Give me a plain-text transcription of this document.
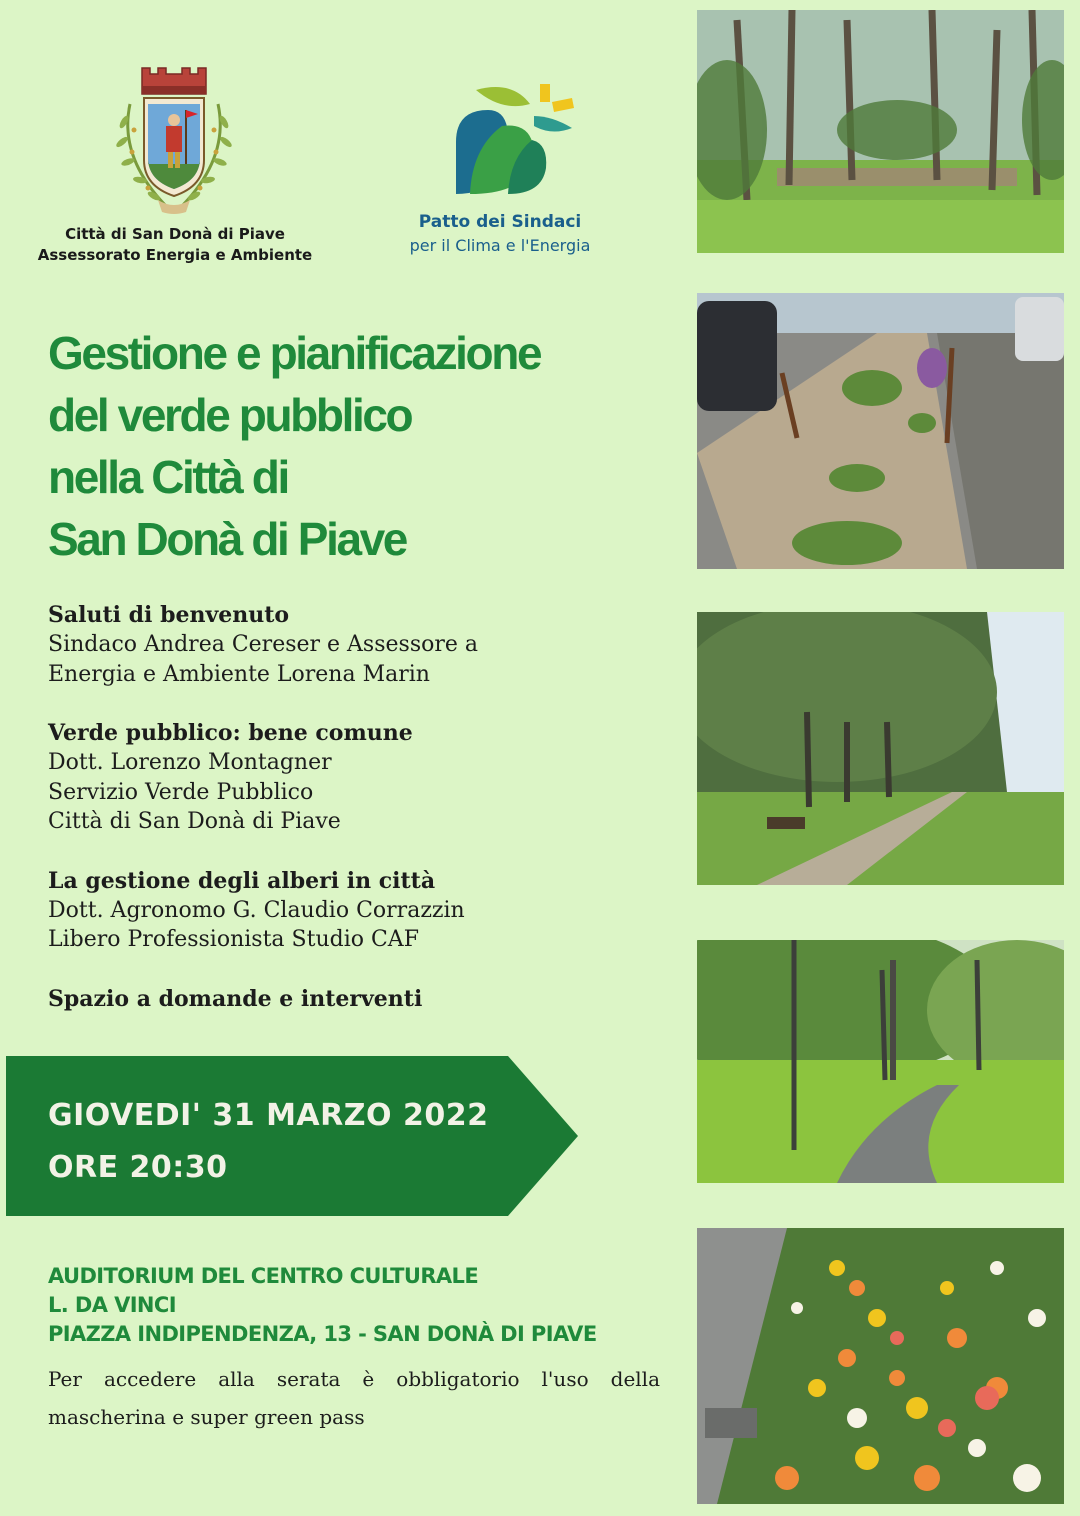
Città di San Donà di Piave
Assessorato Energia e Ambiente
Patto dei Sindaci
per il Clima e l'Energia
Gestione e pianificazione
del verde pubblico
nella Città di
San Donà di Piave
Saluti di benvenuto
Sindaco Andrea Cereser e Assessore a
Energia e Ambiente Lorena Marin
Verde pubblico: bene comune
Dott. Lorenzo Montagner
Servizio Verde Pubblico
Città di San Donà di Piave
La gestione degli alberi in città
Dott. Agronomo G. Claudio Corrazzin
Libero Professionista Studio CAF
Spazio a domande e interventi
GIOVEDI' 31 MARZO 2022
ORE 20:30
AUDITORIUM DEL CENTRO CULTURALE
L. DA VINCI
PIAZZA INDIPENDENZA, 13 - SAN DONÀ DI PIAVE

Per accedere alla serata è obbligatorio l'uso della mascherina e super green pass
